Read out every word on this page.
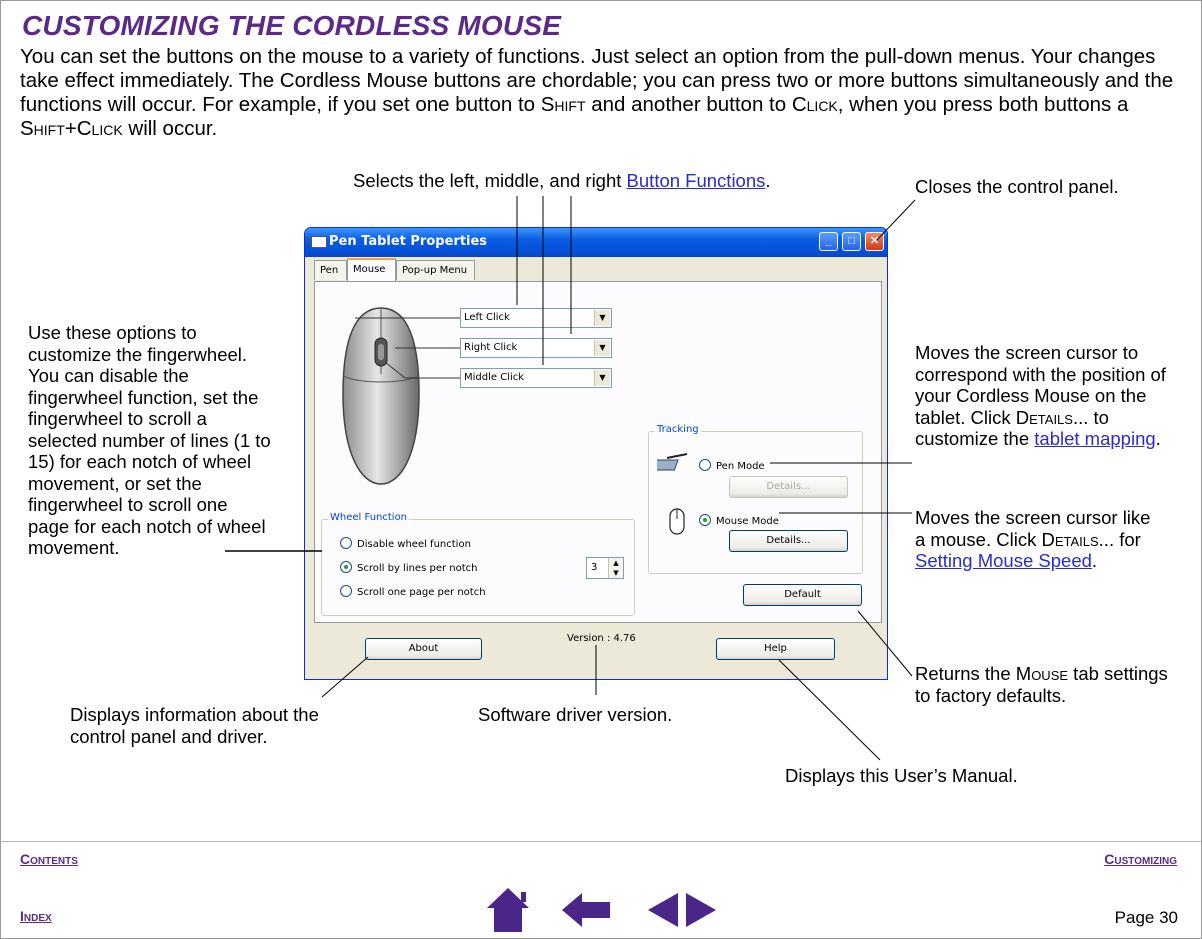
CUSTOMIZING THE CORDLESS MOUSE
You can set the buttons on the mouse to a variety of functions. Just select an option from the pull-down menus. Your changes take effect immediately. The Cordless Mouse buttons are chordable; you can press two or more buttons simultaneously and the functions will occur. For example, if you set one button to Shift and another button to Click, when you press both buttons a Shift+Click will occur.
Selects the left, middle, and right Button Functions.	Closes the control panel.
Use these options to customize the fingerwheel. You can disable the fingerwheel function, set the fingerwheel to scroll a selected number of lines (1 to 15) for each notch of wheel movement, or set the fingerwheel to scroll one page for each notch of wheel movement.
Moves the screen cursor to correspond with the position of your Cordless Mouse on the tablet. Click Details... to customize the tablet mapping.
Moves the screen cursor like a mouse. Click Details... for Setting Mouse Speed.
Returns the Mouse tab settings to factory defaults.
Displays information about the control panel and driver.
Software driver version.
Displays this User’s Manual.
Pen Tablet Properties	_	□	✕
Pen	Mouse	Pop-up Menu
Left Click	▼
Right Click	▼
Middle Click	▼
Wheel Function
Disable wheel function
Scroll by lines per notch
Scroll one page per notch
3	▲
▼
Tracking
Pen Mode
Details...
Mouse Mode
Details...
Default
About
Version : 4.76
Help
Contents	Customizing
Index	Page 30
